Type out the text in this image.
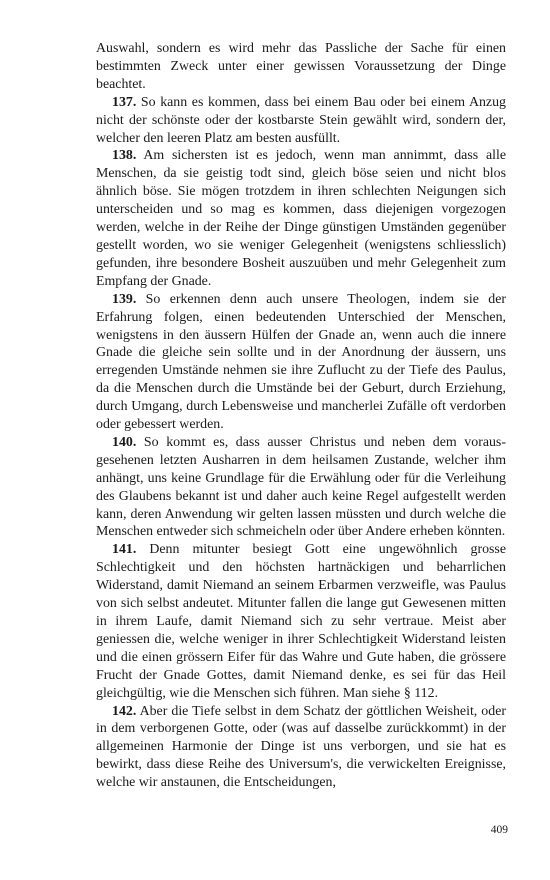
Auswahl, sondern es wird mehr das Passliche der Sache für einen bestimmten Zweck unter einer gewissen Voraussetzung der Dinge beachtet.

137. So kann es kommen, dass bei einem Bau oder bei einem Anzug nicht der schönste oder der kostbarste Stein gewählt wird, sondern der, welcher den leeren Platz am besten ausfüllt.

138. Am sichersten ist es jedoch, wenn man annimmt, dass alle Menschen, da sie geistig todt sind, gleich böse seien und nicht blos ähnlich böse. Sie mögen trotzdem in ihren schlechten Neigungen sich unterscheiden und so mag es kommen, dass diejenigen vorgezogen werden, welche in der Reihe der Dinge günstigen Umständen gegenüber gestellt worden, wo sie weniger Gelegenheit (wenigstens schliesslich) gefunden, ihre besondere Bosheit auszuüben und mehr Gelegenheit zum Empfang der Gnade.

139. So erkennen denn auch unsere Theologen, indem sie der Erfahrung folgen, einen bedeutenden Unterschied der Menschen, wenigstens in den äussern Hülfen der Gnade an, wenn auch die innere Gnade die gleiche sein sollte und in der Anordnung der äussern, uns erregenden Umstände nehmen sie ihre Zuflucht zu der Tiefe des Paulus, da die Menschen durch die Umstände bei der Geburt, durch Erziehung, durch Umgang, durch Lebensweise und mancherlei Zufälle oft verdorben oder gebessert werden.

140. So kommt es, dass ausser Christus und neben dem vorausgesehenen letzten Ausharren in dem heilsamen Zustande, welcher ihm anhängt, uns keine Grundlage für die Erwählung oder für die Verleihung des Glaubens bekannt ist und daher auch keine Regel aufgestellt werden kann, deren Anwendung wir gelten lassen müssten und durch welche die Menschen entweder sich schmeicheln oder über Andere erheben könnten.

141. Denn mitunter besiegt Gott eine ungewöhnlich grosse Schlechtigkeit und den höchsten hartnäckigen und beharrlichen Widerstand, damit Niemand an seinem Erbarmen verzweifle, was Paulus von sich selbst andeutet. Mitunter fallen die lange gut Gewesenen mitten in ihrem Laufe, damit Niemand sich zu sehr vertraue. Meist aber geniessen die, welche weniger in ihrer Schlechtigkeit Widerstand leisten und die einen grössern Eifer für das Wahre und Gute haben, die grössere Frucht der Gnade Gottes, damit Niemand denke, es sei für das Heil gleichgültig, wie die Menschen sich führen. Man siehe § 112.

142. Aber die Tiefe selbst in dem Schatz der göttlichen Weisheit, oder in dem verborgenen Gotte, oder (was auf dasselbe zurückkommt) in der allgemeinen Harmonie der Dinge ist uns verborgen, und sie hat es bewirkt, dass diese Reihe des Universum's, die verwickelten Ereignisse, welche wir anstaunen, die Entscheidungen,

409
